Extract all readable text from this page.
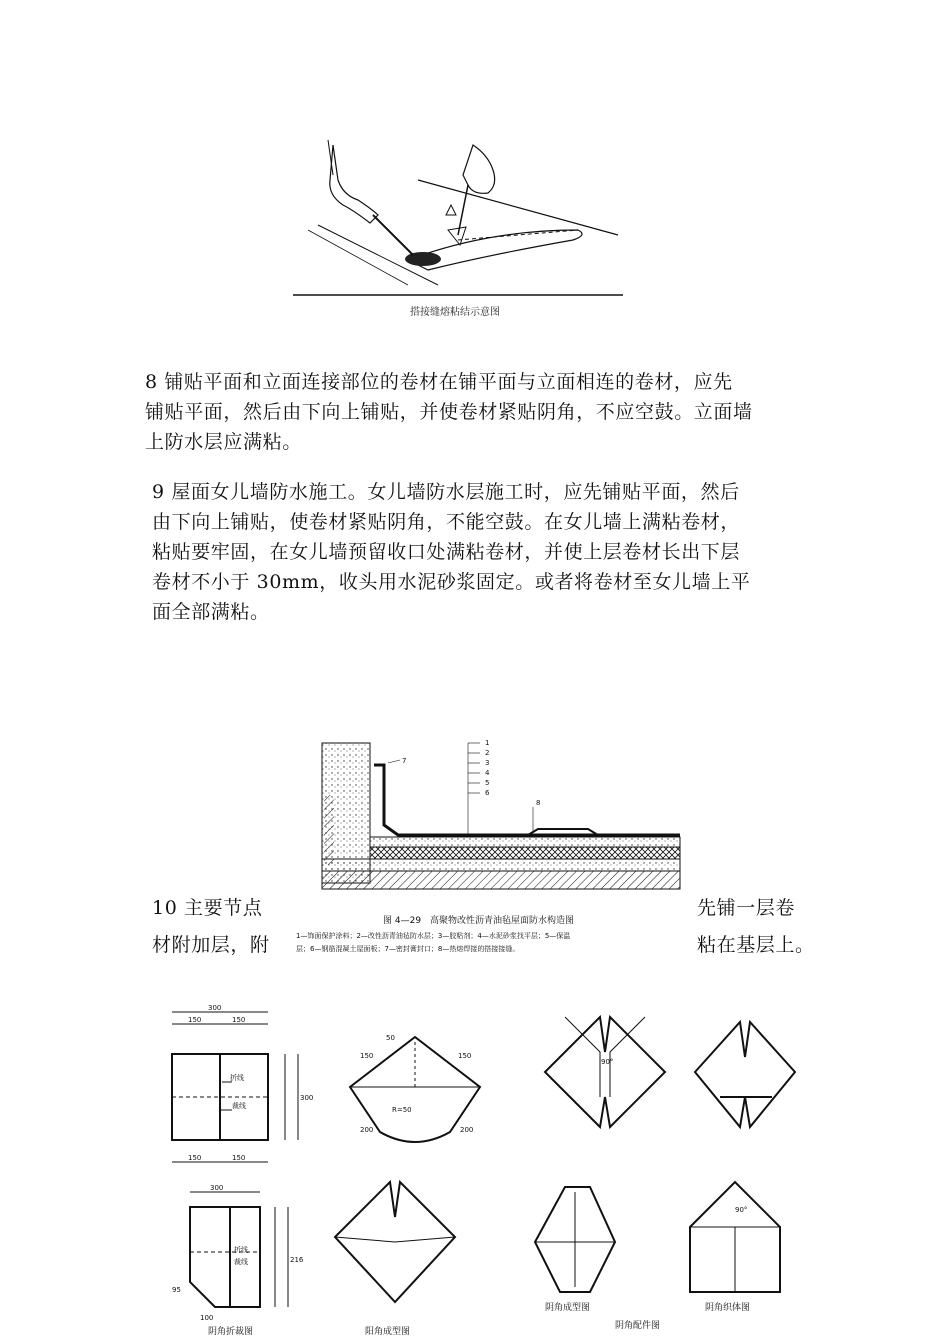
搭接缝熔粘结示意图
8 铺贴平面和立面连接部位的卷材在铺平面与立面相连的卷材，应先
铺贴平面，然后由下向上铺贴，并使卷材紧贴阴角，不应空鼓。立面墙
上防水层应满粘。
9 屋面女儿墙防水施工。女儿墙防水层施工时，应先铺贴平面，然后
由下向上铺贴，使卷材紧贴阴角，不能空鼓。在女儿墙上满粘卷材，
粘贴要牢固，在女儿墙预留收口处满粘卷材，并使上层卷材长出下层
卷材不小于 30mm，收头用水泥砂浆固定。或者将卷材至女儿墙上平
面全部满粘。
10 主要节点	先铺一层卷
材附加层，附	粘在基层上。
7
8
1
2
3
4
5
6
图 4—29　高聚物改性沥青油毡屋面防水构造图
1—饰面保护涂料；2—改性沥青油毡防水层；3—胶粘剂；4—水泥砂浆找平层；5—保温
层；6—钢筋混凝土屋面板；7—密封膏封口；8—热熔焊接的搭接接缝。
300
150	150
折线
裁线
150	150
300
150
50
150
200	200
R=50
90°
90°
300
折线
裁线
95
100
216
阴角折裁图	阳角成型图
阴角成型图	阴角织体图
阴角配件图
